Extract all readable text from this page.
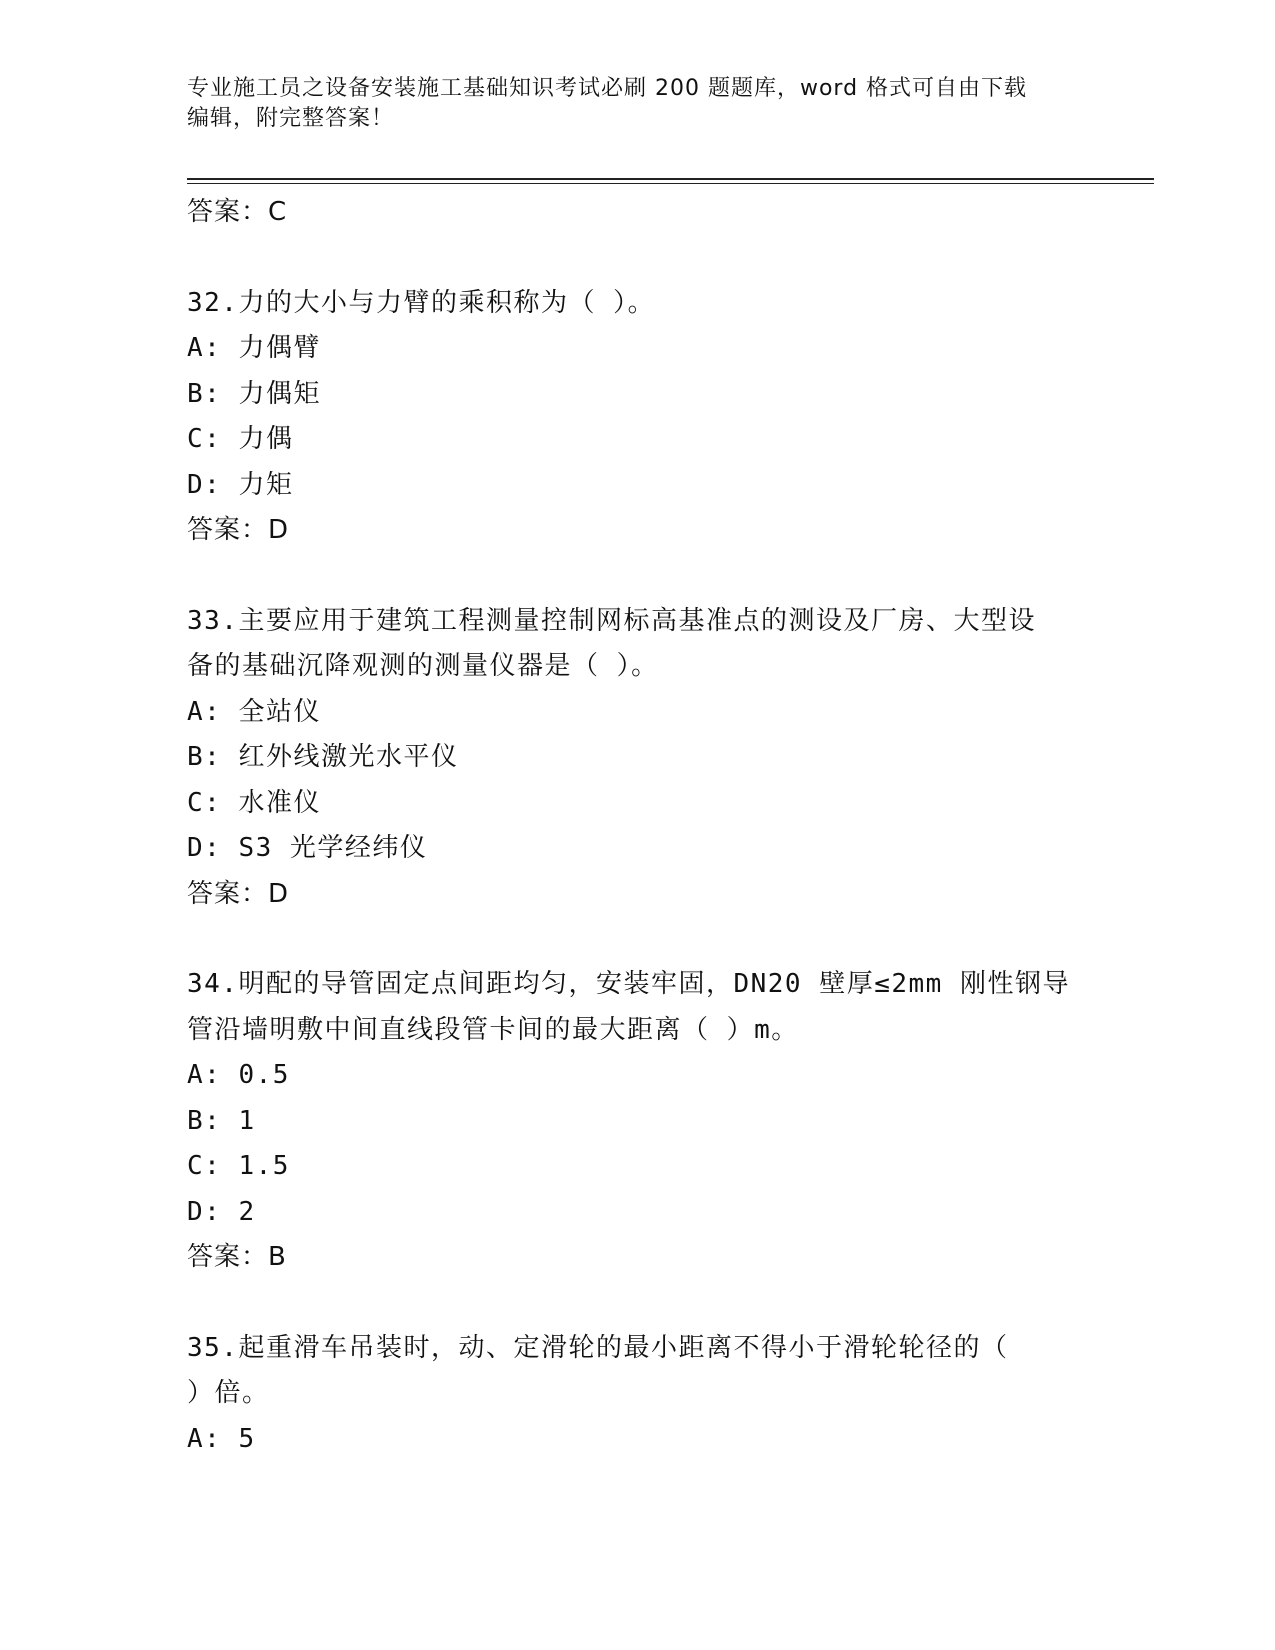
专业施工员之设备安装施工基础知识考试必刷 200 题题库，word 格式可自由下载
编辑，附完整答案！
答案：C
32.力的大小与力臂的乘积称为（ ）。
A: 力偶臂
B: 力偶矩
C: 力偶
D: 力矩
答案：D
33.主要应用于建筑工程测量控制网标高基准点的测设及厂房、大型设
备的基础沉降观测的测量仪器是（ ）。
A: 全站仪
B: 红外线激光水平仪
C: 水准仪
D: S3 光学经纬仪
答案：D
34.明配的导管固定点间距均匀，安装牢固，DN20 壁厚≤2mm 刚性钢导
管沿墙明敷中间直线段管卡间的最大距离（ ）m。
A: 0.5
B: 1
C: 1.5
D: 2
答案：B
35.起重滑车吊装时，动、定滑轮的最小距离不得小于滑轮轮径的（
）倍。
A: 5
